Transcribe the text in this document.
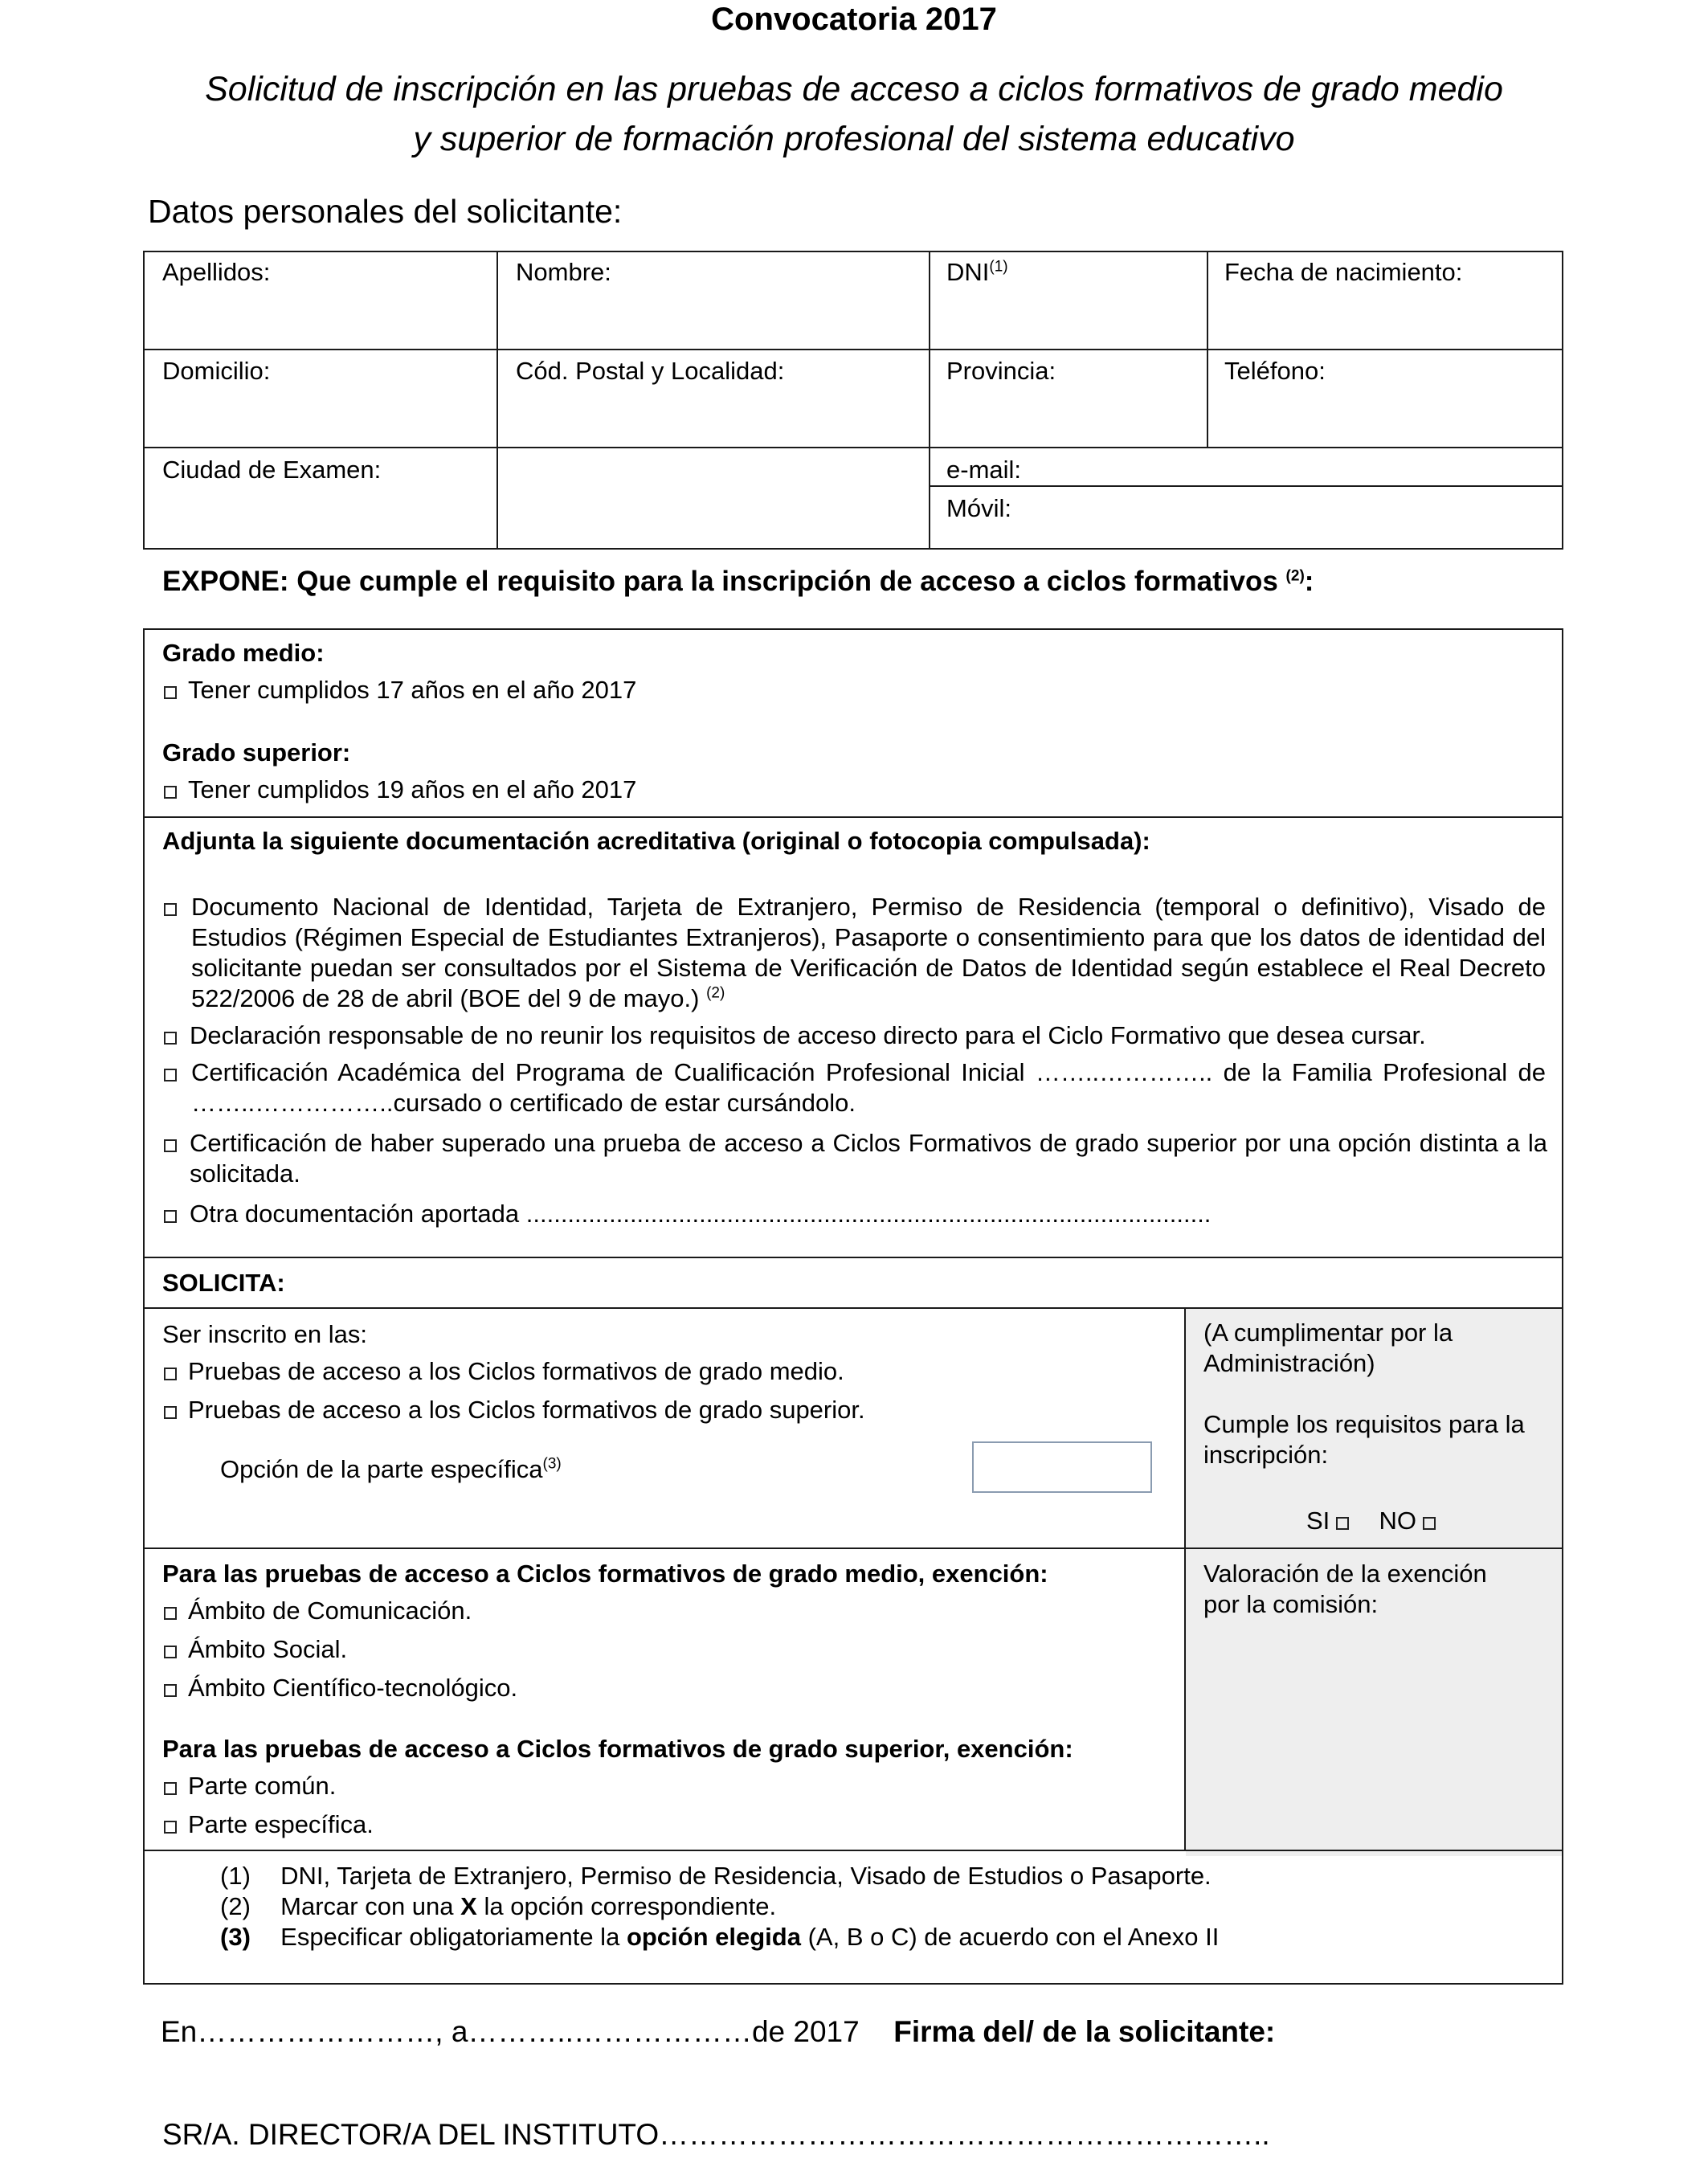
Convocatoria 2017
Solicitud de inscripción en las pruebas de acceso a ciclos formativos de grado medio
y superior de formación profesional del sistema educativo
Datos personales del solicitante:
Apellidos:	Nombre:	DNI$^{(1)}$	Fecha de nacimiento:
Domicilio:	Cód. Postal y Localidad:	Provincia:	Teléfono:
Ciudad de Examen:	e-mail:
Móvil:
EXPONE: Que cumple el requisito para la inscripción de acceso a ciclos formativos $^{(2)}$:
Grado medio:
Tener cumplidos 17 años en el año 2017
Grado superior:
Tener cumplidos 19 años en el año 2017
Adjunta la siguiente documentación acreditativa (original o fotocopia compulsada):
Documento Nacional de Identidad, Tarjeta de Extranjero, Permiso de Residencia (temporal o definitivo), Visado de Estudios (Régimen Especial de Estudiantes Extranjeros), Pasaporte o consentimiento para que los datos de identidad del solicitante puedan ser consultados por el Sistema de Verificación de Datos de Identidad según establece el Real Decreto 522/2006 de 28 de abril (BOE del 9 de mayo.) $^{(2)}$
Declaración responsable de no reunir los requisitos de acceso directo para el Ciclo Formativo que desea cursar.
Certificación Académica del Programa de Cualificación Profesional Inicial ……..………….. de la Familia Profesional de ……..……………..cursado o certificado de estar cursándolo.
Certificación de haber superado una prueba de acceso a Ciclos Formativos de grado superior por una opción distinta a la solicitada.
Otra documentación aportada ...................................................................................................
SOLICITA:
Ser inscrito en las:
Pruebas de acceso a los Ciclos formativos de grado medio.
Pruebas de acceso a los Ciclos formativos de grado superior.
Opción de la parte específica$^{(3)}$
(A cumplimentar por la
Administración)
Cumple los requisitos para la
inscripción:
SI NO
Valoración de la exención
por la comisión:
Para las pruebas de acceso a Ciclos formativos de grado medio, exención:
Ámbito de Comunicación.
Ámbito Social.
Ámbito Científico-tecnológico.
Para las pruebas de acceso a Ciclos formativos de grado superior, exención:
Parte común.
Parte específica.
(1) DNI, Tarjeta de Extranjero, Permiso de Residencia, Visado de Estudios o Pasaporte.
(2) Marcar con una X la opción correspondiente.
(3) Especificar obligatoriamente la opción elegida (A, B o C) de acuerdo con el Anexo II
En……………………, a………..………………de 2017 Firma del/ de la solicitante:
SR/A. DIRECTOR/A DEL INSTITUTO……………………………………………………..
